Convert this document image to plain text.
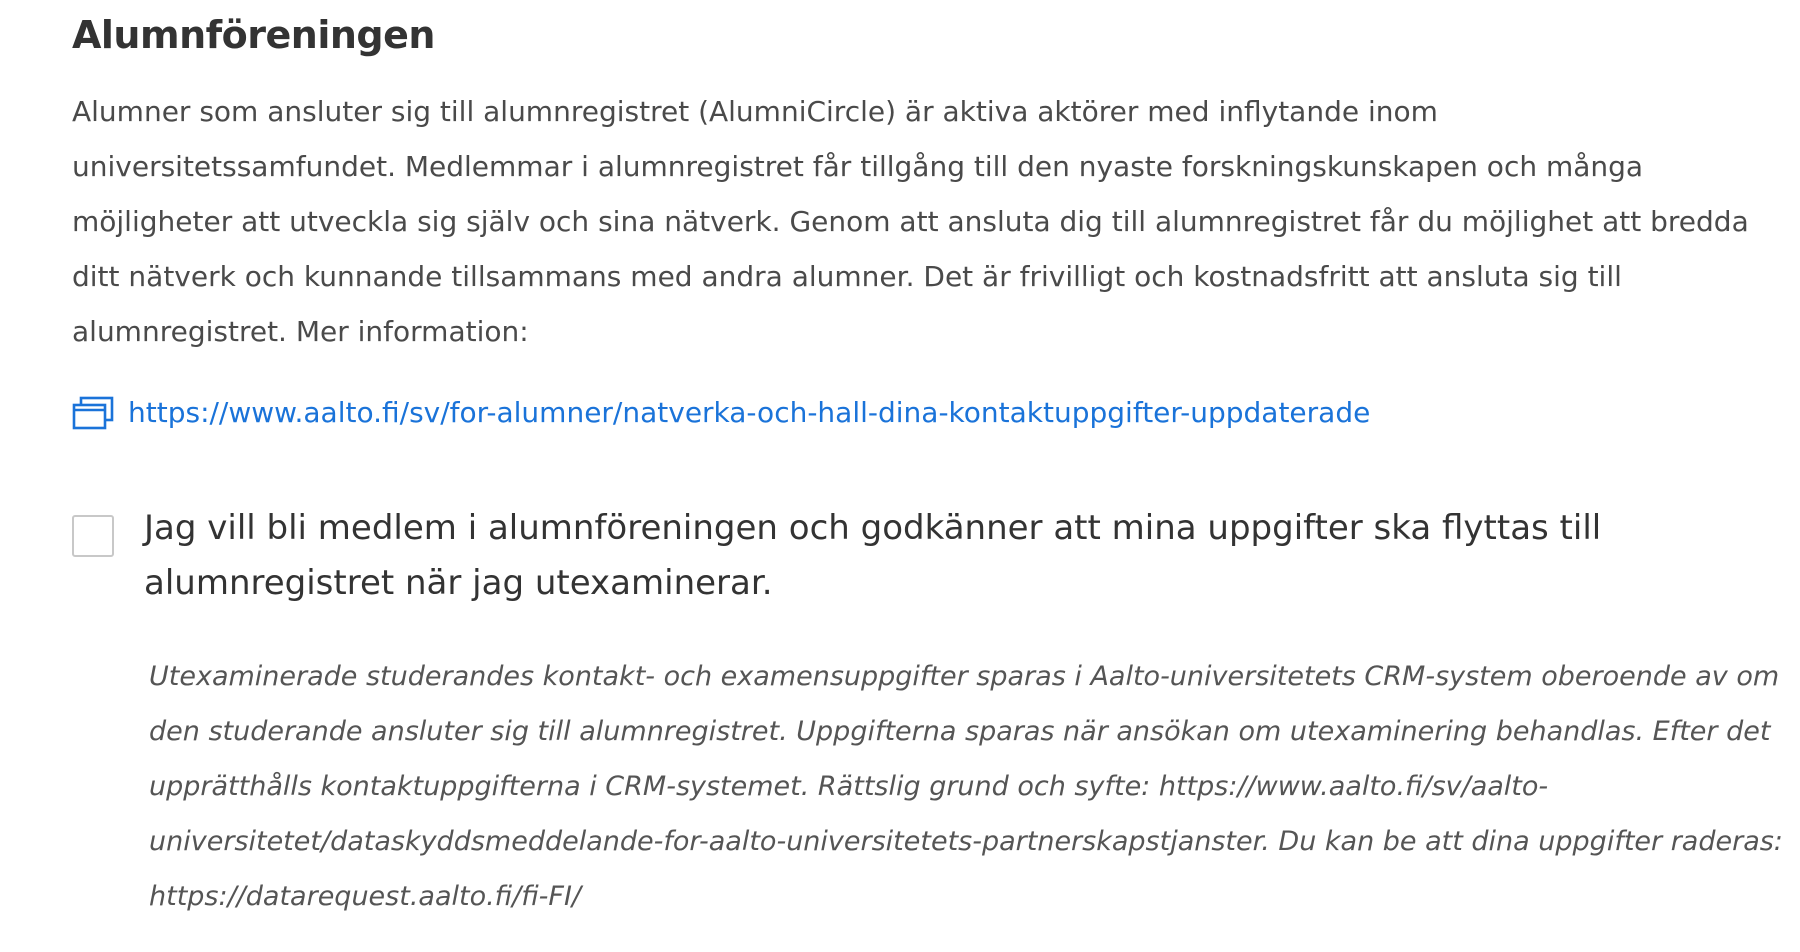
Alumnföreningen

Alumner som ansluter sig till alumnregistret (AlumniCircle) är aktiva aktörer med inflytande inom universitetssamfundet. Medlemmar i alumnregistret får tillgång till den nyaste forskningskunskapen och många möjligheter att utveckla sig själv och sina nätverk. Genom att ansluta dig till alumnregistret får du möjlighet att bredda ditt nätverk och kunnande tillsammans med andra alumner. Det är frivilligt och kostnadsfritt att ansluta sig till alumnregistret. Mer information:

https://www.aalto.fi/sv/for-alumner/natverka-och-hall-dina-kontaktuppgifter-uppdaterade
Jag vill bli medlem i alumnföreningen och godkänner att mina uppgifter ska flyttas till alumnregistret när jag utexaminerar.

Utexaminerade studerandes kontakt- och examensuppgifter sparas i Aalto-universitetets CRM-system oberoende av om den studerande ansluter sig till alumnregistret. Uppgifterna sparas när ansökan om utexaminering behandlas. Efter det upprätthålls kontaktuppgifterna i CRM-systemet. Rättslig grund och syfte: https://www.aalto.fi/sv/aalto-universitetet/dataskyddsmeddelande-for-aalto-universitetets-partnerskapstjanster. Du kan be att dina uppgifter raderas: https://datarequest.aalto.fi/fi-FI/
